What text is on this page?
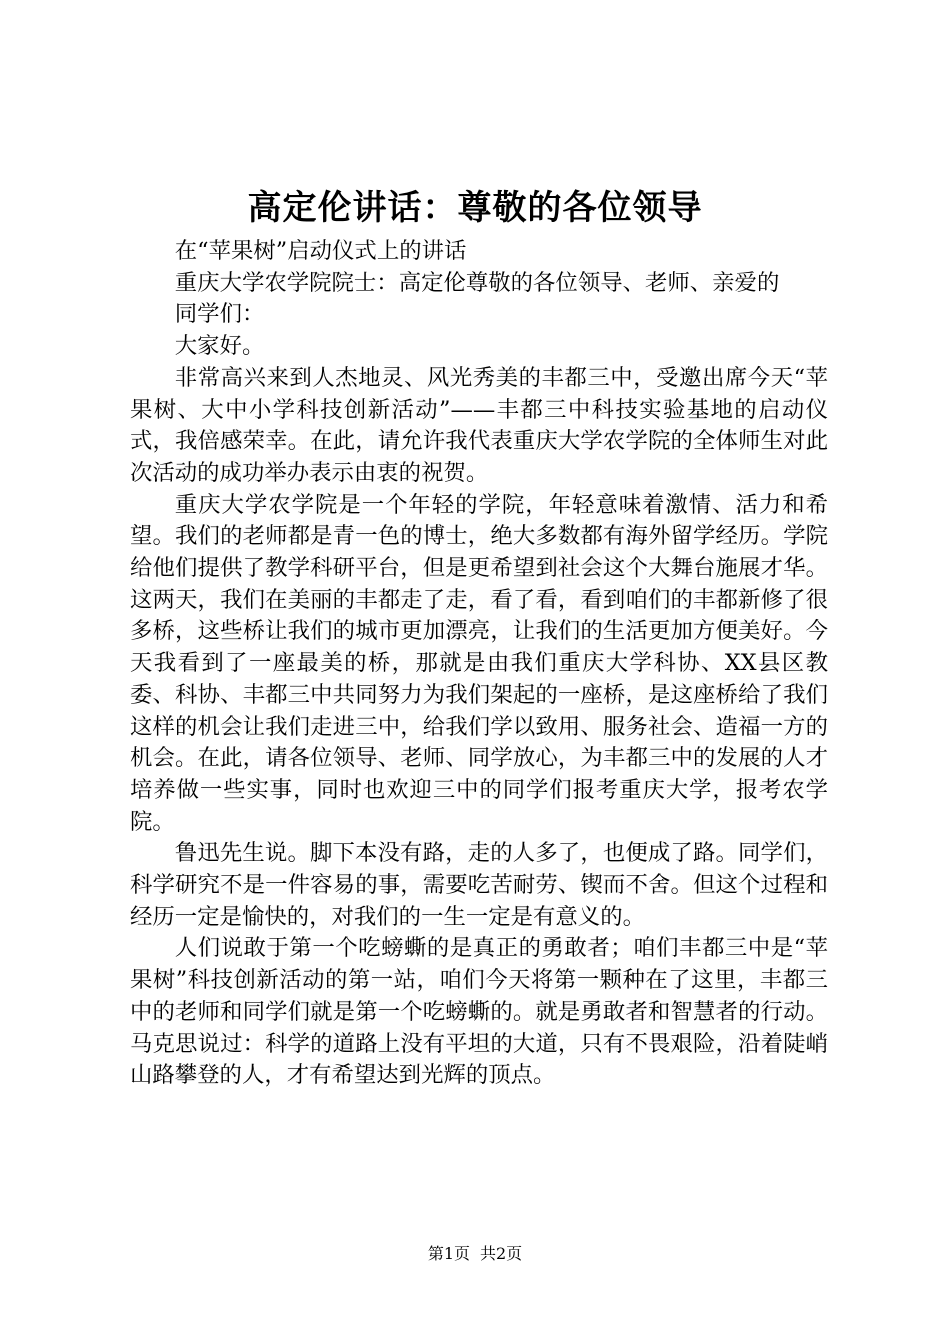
高定伦讲话：尊敬的各位领导

在“苹果树”启动仪式上的讲话

重庆大学农学院院士：高定伦尊敬的各位领导、老师、亲爱的

同学们：

大家好。

非常高兴来到人杰地灵、风光秀美的丰都三中，受邀出席今天“苹果树、大中小学科技创新活动”——丰都三中科技实验基地的启动仪式，我倍感荣幸。在此，请允许我代表重庆大学农学院的全体师生对此次活动的成功举办表示由衷的祝贺。

重庆大学农学院是一个年轻的学院，年轻意味着激情、活力和希望。我们的老师都是青一色的博士，绝大多数都有海外留学经历。学院给他们提供了教学科研平台，但是更希望到社会这个大舞台施展才华。这两天，我们在美丽的丰都走了走，看了看，看到咱们的丰都新修了很多桥，这些桥让我们的城市更加漂亮，让我们的生活更加方便美好。今天我看到了一座最美的桥，那就是由我们重庆大学科协、XX县区教委、科协、丰都三中共同努力为我们架起的一座桥，是这座桥给了我们这样的机会让我们走进三中，给我们学以致用、服务社会、造福一方的机会。在此，请各位领导、老师、同学放心，为丰都三中的发展的人才培养做一些实事，同时也欢迎三中的同学们报考重庆大学，报考农学院。

鲁迅先生说。脚下本没有路，走的人多了，也便成了路。同学们，科学研究不是一件容易的事，需要吃苦耐劳、锲而不舍。但这个过程和经历一定是愉快的，对我们的一生一定是有意义的。

人们说敢于第一个吃螃蟖的是真正的勇敢者；咱们丰都三中是“苹果树”科技创新活动的第一站，咱们今天将第一颗种在了这里，丰都三中的老师和同学们就是第一个吃螃蟖的。就是勇敢者和智慧者的行动。马克思说过：科学的道路上没有平坦的大道，只有不畏艰险，沿着陡峭山路攀登的人，才有希望达到光辉的顶点。

第1页 共2页
